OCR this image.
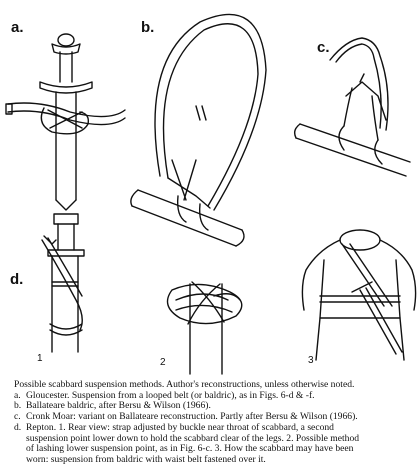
a.	b.
c.
d.
1	2	3

Possible scabbard suspension methods. Author's reconstructions, unless otherwise noted.

a. Gloucester. Suspension from a looped belt (or baldric), as in Figs. 6-d & -f.
b. Ballateare baldric, after Bersu & Wilson (1966).
c. Cronk Moar: variant on Ballateare reconstruction. Partly after Bersu & Wilson (1966).
d. Repton. 1. Rear view: strap adjusted by buckle near throat of scabbard, a second
suspension point lower down to hold the scabbard clear of the legs. 2. Possible method
of lashing lower suspension point, as in Fig. 6-c. 3. How the scabbard may have been
worn: suspension from baldric with waist belt fastened over it.
